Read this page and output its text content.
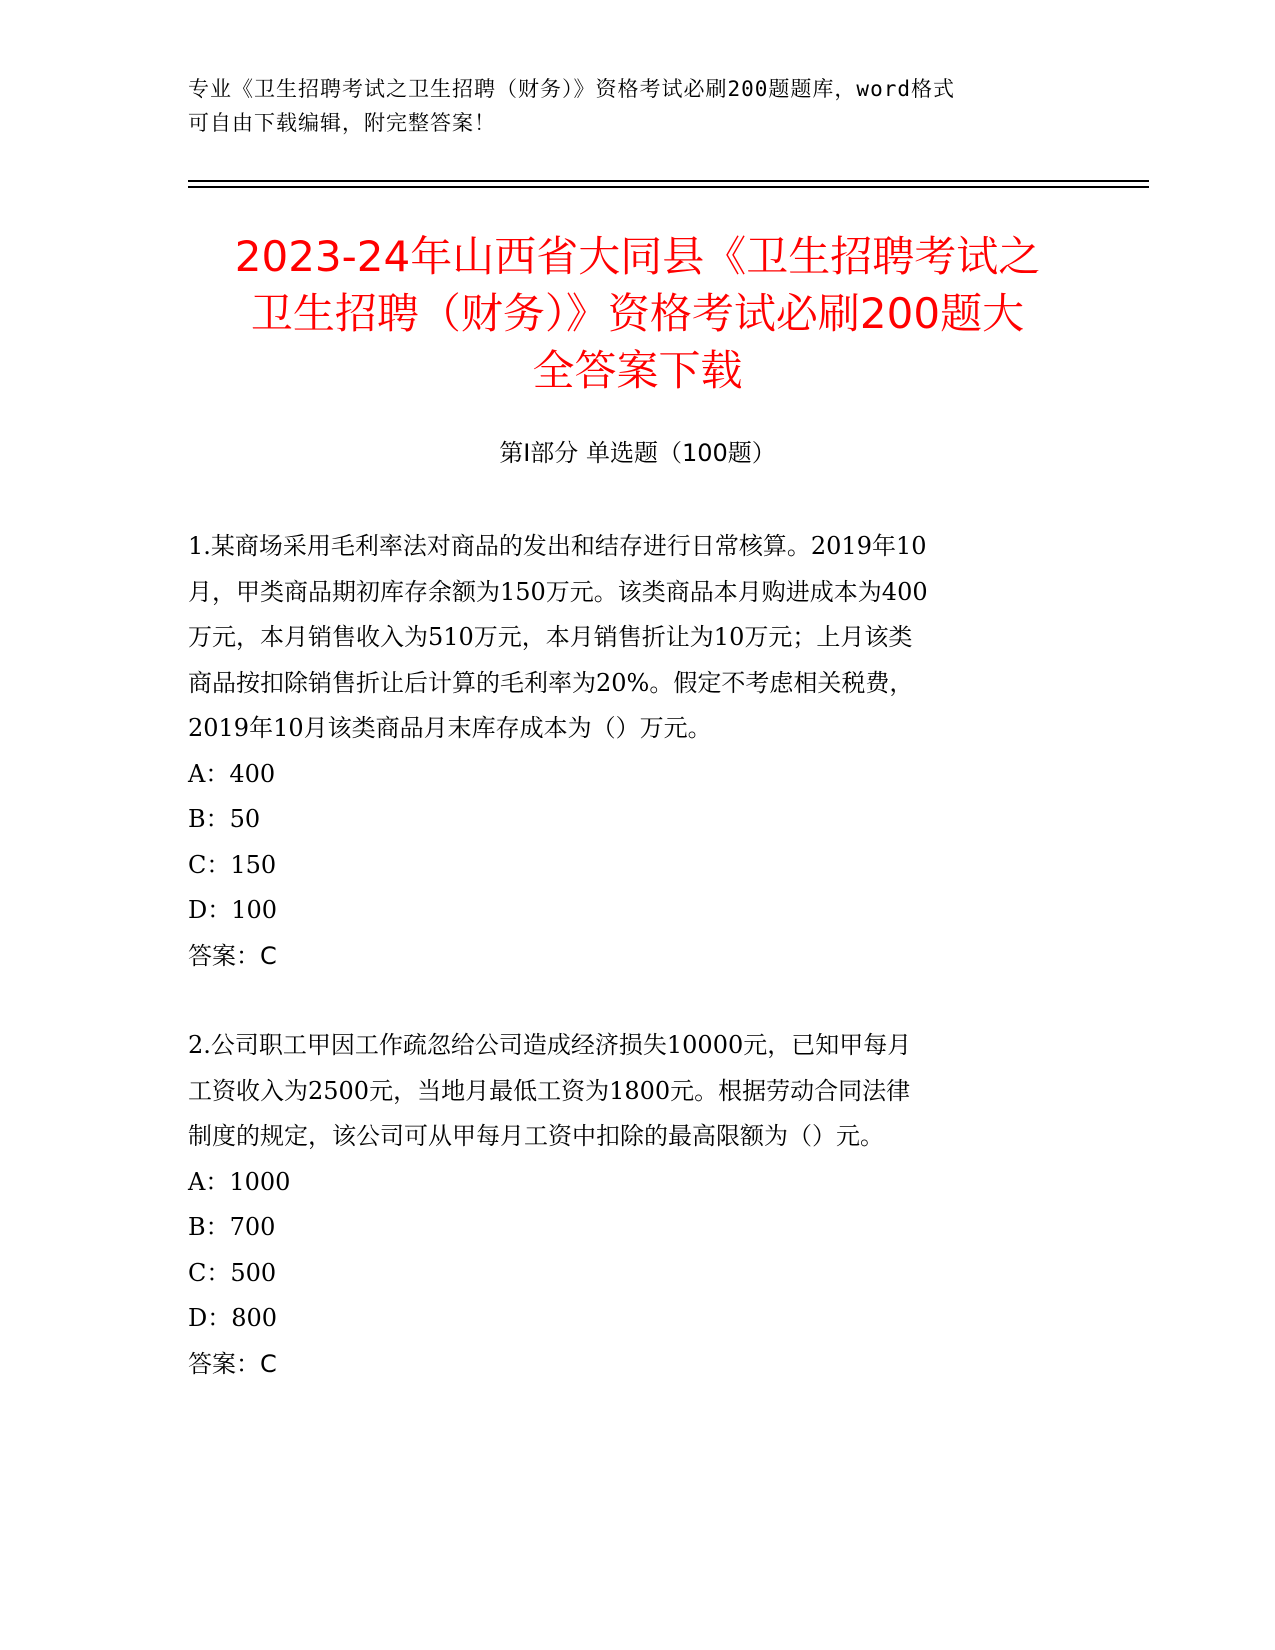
专业《卫生招聘考试之卫生招聘（财务）》资格考试必刷200题题库，word格式
可自由下载编辑，附完整答案！
2023-24年山西省大同县《卫生招聘考试之
卫生招聘（财务）》资格考试必刷200题大
全答案下载
第I部分 单选题（100题）
1.某商场采用毛利率法对商品的发出和结存进行日常核算。2019年10
月，甲类商品期初库存余额为150万元。该类商品本月购进成本为400
万元，本月销售收入为510万元，本月销售折让为10万元；上月该类
商品按扣除销售折让后计算的毛利率为20%。假定不考虑相关税费，
2019年10月该类商品月末库存成本为（）万元。
A：400
B：50
C：150
D：100
答案：C
2.公司职工甲因工作疏忽给公司造成经济损失10000元，已知甲每月
工资收入为2500元，当地月最低工资为1800元。根据劳动合同法律
制度的规定，该公司可从甲每月工资中扣除的最高限额为（）元。
A：1000
B：700
C：500
D：800
答案：C
